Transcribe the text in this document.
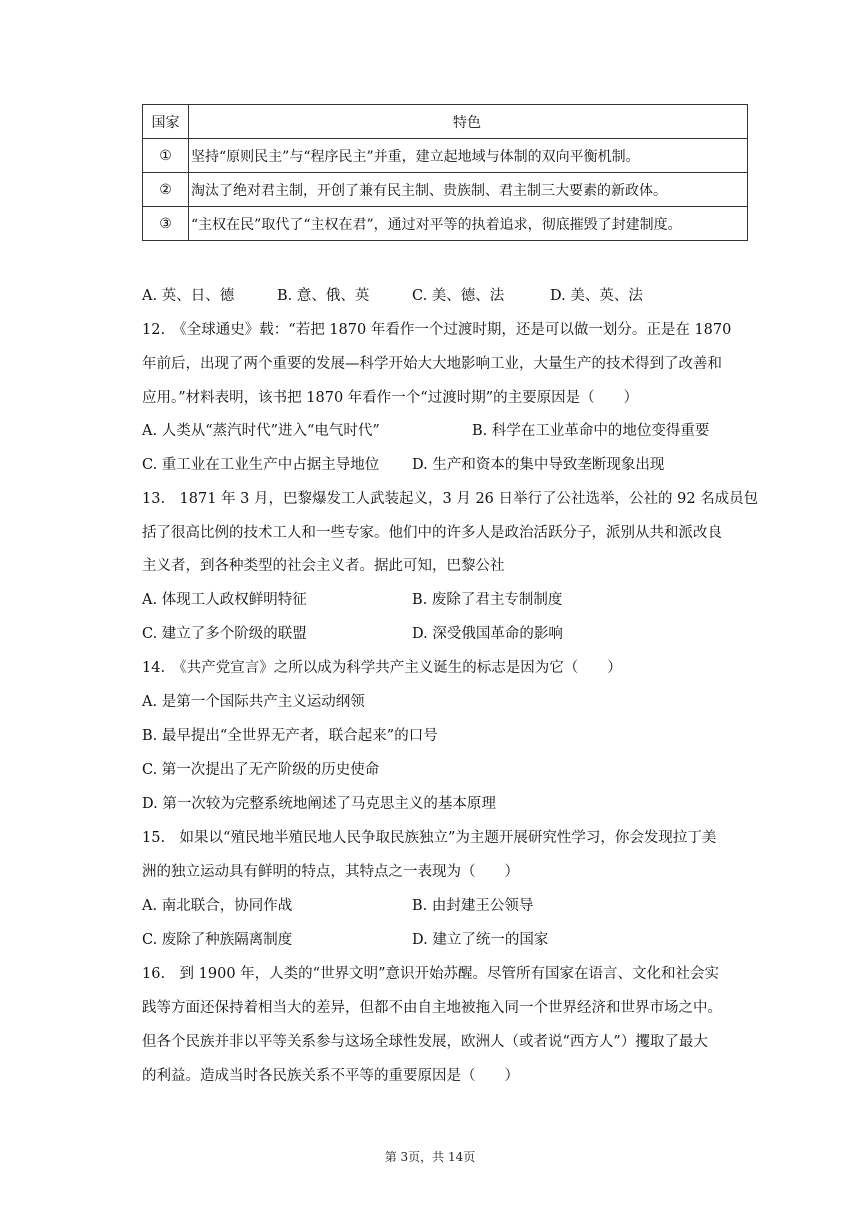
国家	特色
①	坚持“原则民主”与“程序民主”并重，建立起地域与体制的双向平衡机制。
②	淘汰了绝对君主制，开创了兼有民主制、贵族制、君主制三大要素的新政体。
③	“主权在民”取代了“主权在君”，通过对平等的执着追求，彻底摧毁了封建制度。
A. 英、日、德	B. 意、俄、英	C. 美、德、法	D. 美、英、法
12.　《全球通史》载：“若把 1870 年看作一个过渡时期，还是可以做一划分。正是在 1870
年前后，出现了两个重要的发展—科学开始大大地影响工业，大量生产的技术得到了改善和
应用。”材料表明，该书把 1870 年看作一个“过渡时期”的主要原因是（　　）
A. 人类从“蒸汽时代”进入“电气时代”	B. 科学在工业革命中的地位变得重要
C. 重工业在工业生产中占据主导地位 D. 生产和资本的集中导致垄断现象出现
13.　1871 年 3 月，巴黎爆发工人武装起义，3 月 26 日举行了公社选举，公社的 92 名成员包
括了很高比例的技术工人和一些专家。他们中的许多人是政治活跃分子，派别从共和派改良
主义者，到各种类型的社会主义者。据此可知，巴黎公社
A. 体现工人政权鲜明特征	B. 废除了君主专制制度
C. 建立了多个阶级的联盟	D. 深受俄国革命的影响
14.　《共产党宣言》之所以成为科学共产主义诞生的标志是因为它（　　）
A. 是第一个国际共产主义运动纲领
B. 最早提出“全世界无产者，联合起来”的口号
C. 第一次提出了无产阶级的历史使命
D. 第一次较为完整系统地阐述了马克思主义的基本原理
15.　如果以“殖民地半殖民地人民争取民族独立”为主题开展研究性学习，你会发现拉丁美
洲的独立运动具有鲜明的特点，其特点之一表现为（　　）
A. 南北联合，协同作战	B. 由封建王公领导
C. 废除了种族隔离制度	D. 建立了统一的国家
16.　到 1900 年，人类的“世界文明”意识开始苏醒。尽管所有国家在语言、文化和社会实
践等方面还保持着相当大的差异，但都不由自主地被拖入同一个世界经济和世界市场之中。
但各个民族并非以平等关系参与这场全球性发展，欧洲人（或者说“西方人”）攫取了最大
的利益。造成当时各民族关系不平等的重要原因是（　　）
第 3页，共 14页
